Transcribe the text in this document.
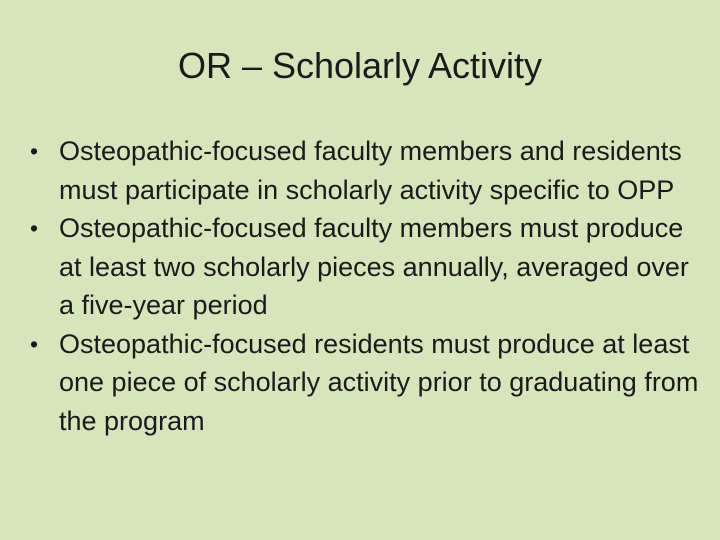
OR – Scholarly Activity
• Osteopathic-focused faculty members and residents must participate in scholarly activity specific to OPP
• Osteopathic-focused faculty members must produce at least two scholarly pieces annually, averaged over a five-year period
• Osteopathic-focused residents must produce at least one piece of scholarly activity prior to graduating from the program
